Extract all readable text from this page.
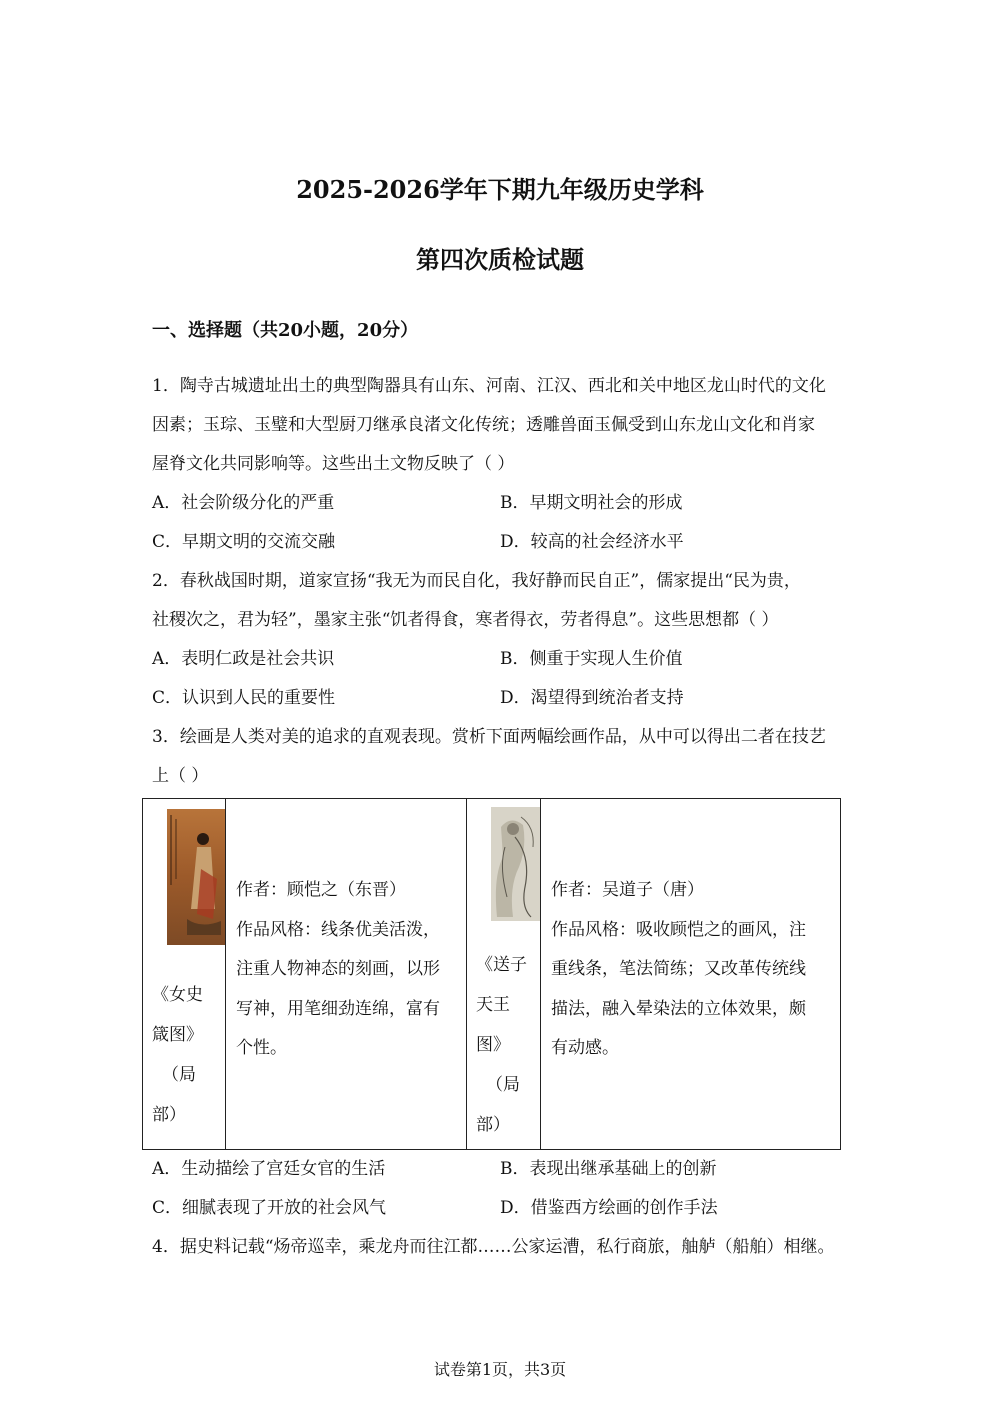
2025-2026学年下期九年级历史学科
第四次质检试题
一、选择题（共20小题，20分）
1．陶寺古城遗址出土的典型陶器具有山东、河南、江汉、西北和关中地区龙山时代的文化
因素；玉琮、玉璧和大型厨刀继承良渚文化传统；透雕兽面玉佩受到山东龙山文化和肖家
屋脊文化共同影响等。这些出土文物反映了（ ）
A．社会阶级分化的严重	B．早期文明社会的形成
C．早期文明的交流交融	D．较高的社会经济水平
2．春秋战国时期，道家宣扬“我无为而民自化，我好静而民自正”，儒家提出“民为贵，
社稷次之，君为轻”，墨家主张“饥者得食，寒者得衣，劳者得息”。这些思想都（ ）
A．表明仁政是社会共识	B．侧重于实现人生价值
C．认识到人民的重要性	D．渴望得到统治者支持
3．绘画是人类对美的追求的直观表现。赏析下面两幅绘画作品，从中可以得出二者在技艺
上（ ）
《女史
箴图》
（局
部）

作者：顾恺之（东晋）
作品风格：线条优美活泼，
注重人物神态的刻画，以形
写神，用笔细劲连绵，富有
个性。

《送子
天王
图》
（局
部）

作者：吴道子（唐）
作品风格：吸收顾恺之的画风，注
重线条，笔法简练；又改革传统线
描法，融入晕染法的立体效果，颇
有动感。
A．生动描绘了宫廷女官的生活	B．表现出继承基础上的创新
C．细腻表现了开放的社会风气	D．借鉴西方绘画的创作手法
4．据史料记载“炀帝巡幸，乘龙舟而往江都……公家运漕，私行商旅，舳舻（船舶）相继。
试卷第1页，共3页
